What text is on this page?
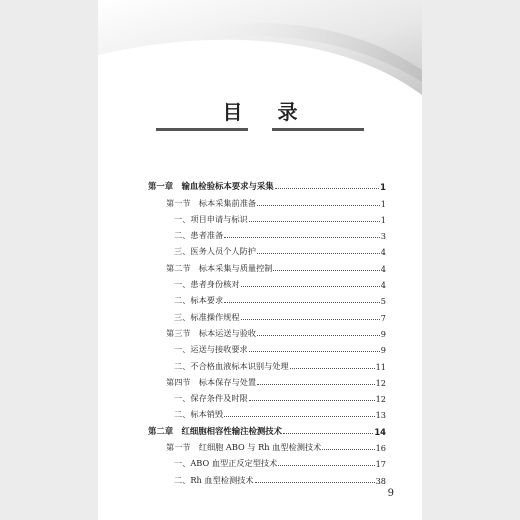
目 录
第一章　输血检验标本要求与采集	1
第一节　标本采集前准备	1
一、项目申请与标识	1
二、患者准备	3
三、医务人员个人防护	4
第二节　标本采集与质量控制	4
一、患者身份核对	4
二、标本要求	5
三、标准操作规程	7
第三节　标本运送与验收	9
一、运送与接收要求	9
二、不合格血液标本识别与处理	11
第四节　标本保存与处置	12
一、保存条件及时限	12
二、标本销毁	13
第二章　红细胞相容性输注检测技术	14
第一节　红细胞 ABO 与 Rh 血型检测技术	16
一、ABO 血型正反定型技术	17
二、Rh 血型检测技术	38
9
